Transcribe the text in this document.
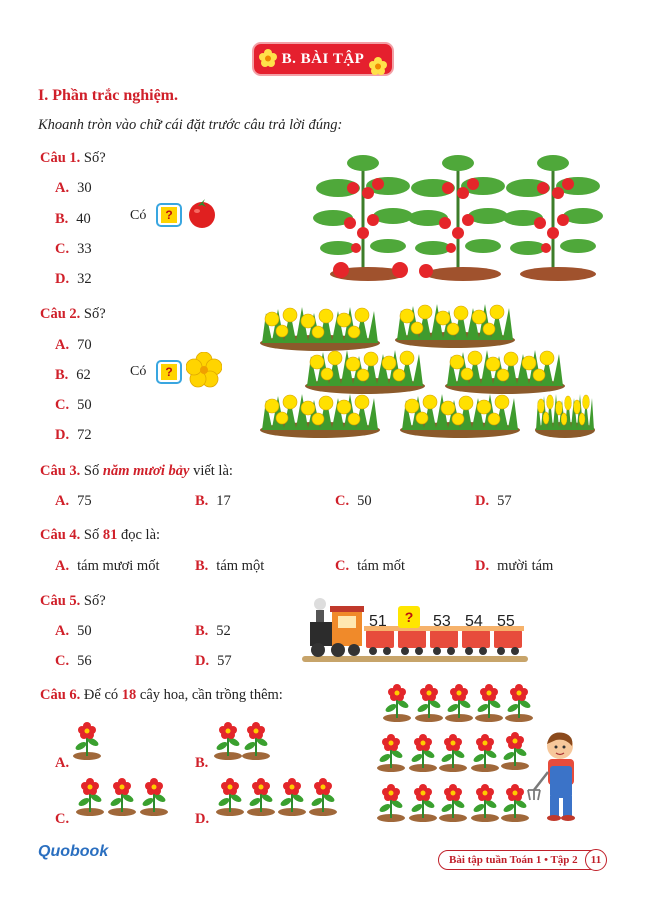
B. BÀI TẬP
I. Phần trắc nghiệm.
Khoanh tròn vào chữ cái đặt trước câu trả lời đúng:
Câu 1. Số?
A. 30
B. 40
C. 33
D. 32
Có	?
Câu 2. Số?
A. 70
B. 62
C. 50
D. 72
Có	?
Câu 3. Số năm mươi bảy viết là:
A. 75	B. 17	C. 50	D. 57
Câu 4. Số 81 đọc là:
A. tám mươi mốt B. tám một	C. tám mốt	D. mười tám
Câu 5. Số?
A. 50	B. 52
C. 56	D. 57
51	?	53 54 55
Câu 6. Để có 18 cây hoa, cần trồng thêm:
A.	B.
C.	D.
Quobook	Bài tập tuần Toán 1 • Tập 2	11
